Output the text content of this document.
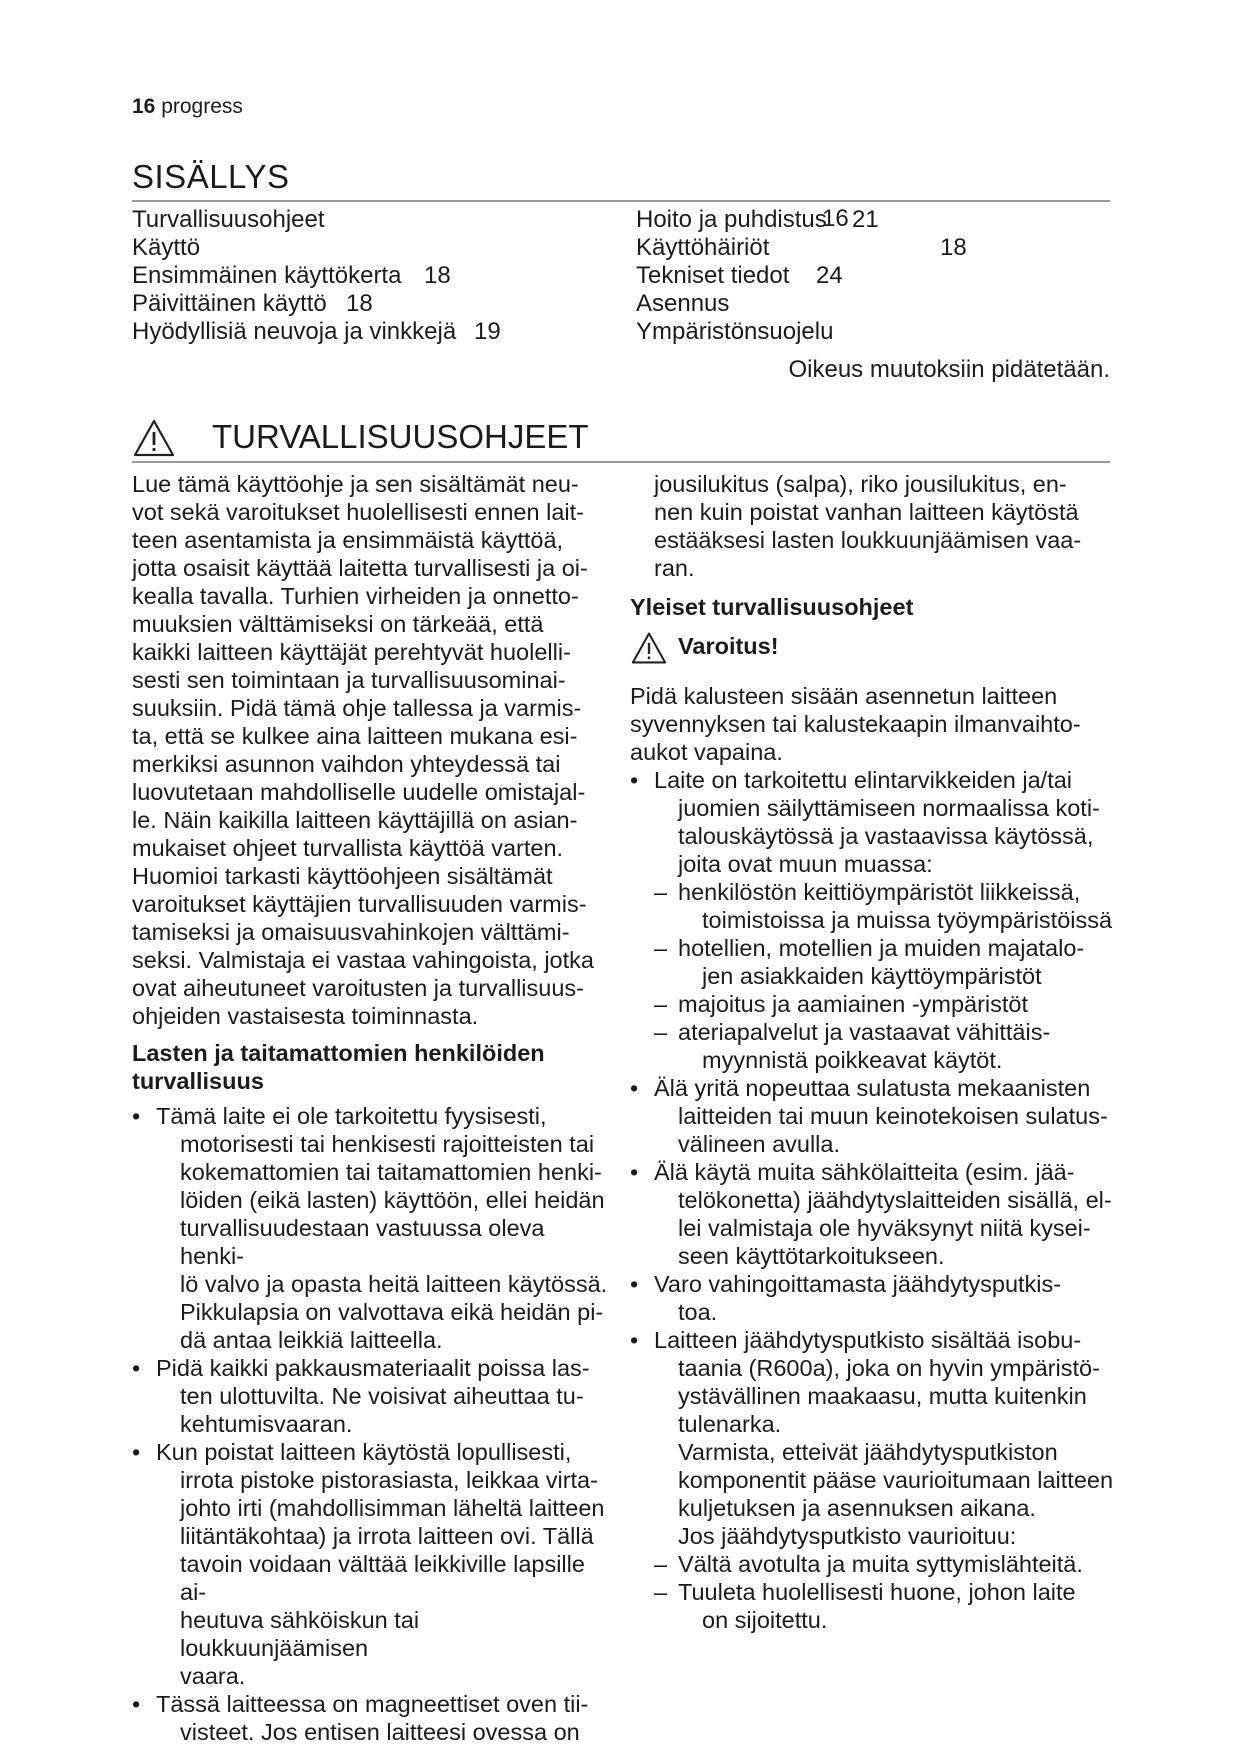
16 progress
SISÄLLYS
Turvallisuusohjeet
Käyttö
Ensimmäinen käyttökerta 18
Päivittäinen käyttö 18
Hyödyllisiä neuvoja ja vinkkejä 19
Hoito ja puhdistus
16 21
Käyttöhäiriöt	18
Tekniset tiedot 24
Asennus
Ympäristönsuojelu
Oikeus muutoksiin pidätetään.
TURVALLISUUSOHJEET

Lue tämä käyttöohje ja sen sisältämät neu-
vot sekä varoitukset huolellisesti ennen lait-
teen asentamista ja ensimmäistä käyttöä,
jotta osaisit käyttää laitetta turvallisesti ja oi-
kealla tavalla. Turhien virheiden ja onnetto-
muuksien välttämiseksi on tärkeää, että
kaikki laitteen käyttäjät perehtyvät huolelli-
sesti sen toimintaan ja turvallisuusominai-
suuksiin. Pidä tämä ohje tallessa ja varmis-
ta, että se kulkee aina laitteen mukana esi-
merkiksi asunnon vaihdon yhteydessä tai
luovutetaan mahdolliselle uudelle omistajal-
le. Näin kaikilla laitteen käyttäjillä on asian-
mukaiset ohjeet turvallista käyttöä varten.
Huomioi tarkasti käyttöohjeen sisältämät
varoitukset käyttäjien turvallisuuden varmis-
tamiseksi ja omaisuusvahinkojen välttämi-
seksi. Valmistaja ei vastaa vahingoista, jotka
ovat aiheutuneet varoitusten ja turvallisuus-
ohjeiden vastaisesta toiminnasta.

Lasten ja taitamattomien henkilöiden
turvallisuus
• Tämä laite ei ole tarkoitettu fyysisesti,
motorisesti tai henkisesti rajoitteisten tai
kokemattomien tai taitamattomien henki-
löiden (eikä lasten) käyttöön, ellei heidän
turvallisuudestaan vastuussa oleva henki-
lö valvo ja opasta heitä laitteen käytössä.
Pikkulapsia on valvottava eikä heidän pi-
dä antaa leikkiä laitteella.
• Pidä kaikki pakkausmateriaalit poissa las-
ten ulottuvilta. Ne voisivat aiheuttaa tu-
kehtumisvaaran.
• Kun poistat laitteen käytöstä lopullisesti,
irrota pistoke pistorasiasta, leikkaa virta-
johto irti (mahdollisimman läheltä laitteen
liitäntäkohtaa) ja irrota laitteen ovi. Tällä
tavoin voidaan välttää leikkiville lapsille ai-
heutuva sähköiskun tai loukkuunjäämisen
vaara.
• Tässä laitteessa on magneettiset oven tii-
visteet. Jos entisen laitteesi ovessa on

jousilukitus (salpa), riko jousilukitus, en-
nen kuin poistat vanhan laitteen käytöstä
estääksesi lasten loukkuunjäämisen vaa-
ran.

Yleiset turvallisuusohjeet
Varoitus!

Pidä kalusteen sisään asennetun laitteen
syvennyksen tai kalustekaapin ilmanvaihto-
aukot vapaina.

• Laite on tarkoitettu elintarvikkeiden ja/tai
juomien säilyttämiseen normaalissa koti-
talouskäytössä ja vastaavissa käytössä,
joita ovat muun muassa:
– henkilöstön keittiöympäristöt liikkeissä,
toimistoissa ja muissa työympäristöissä
– hotellien, motellien ja muiden majatalo-
jen asiakkaiden käyttöympäristöt
– majoitus ja aamiainen -ympäristöt
– ateriapalvelut ja vastaavat vähittäis-
myynnistä poikkeavat käytöt.
• Älä yritä nopeuttaa sulatusta mekaanisten
laitteiden tai muun keinotekoisen sulatus-
välineen avulla.
• Älä käytä muita sähkölaitteita (esim. jää-
telökonetta) jäähdytyslaitteiden sisällä, el-
lei valmistaja ole hyväksynyt niitä kysei-
seen käyttötarkoitukseen.
• Varo vahingoittamasta jäähdytysputkis-
toa.
• Laitteen jäähdytysputkisto sisältää isobu-
taania (R600a), joka on hyvin ympäristö-
ystävällinen maakaasu, mutta kuitenkin
tulenarka.
Varmista, etteivät jäähdytysputkiston
komponentit pääse vaurioitumaan laitteen
kuljetuksen ja asennuksen aikana.
Jos jäähdytysputkisto vaurioituu:
– Vältä avotulta ja muita syttymislähteitä.
– Tuuleta huolellisesti huone, johon laite
on sijoitettu.
